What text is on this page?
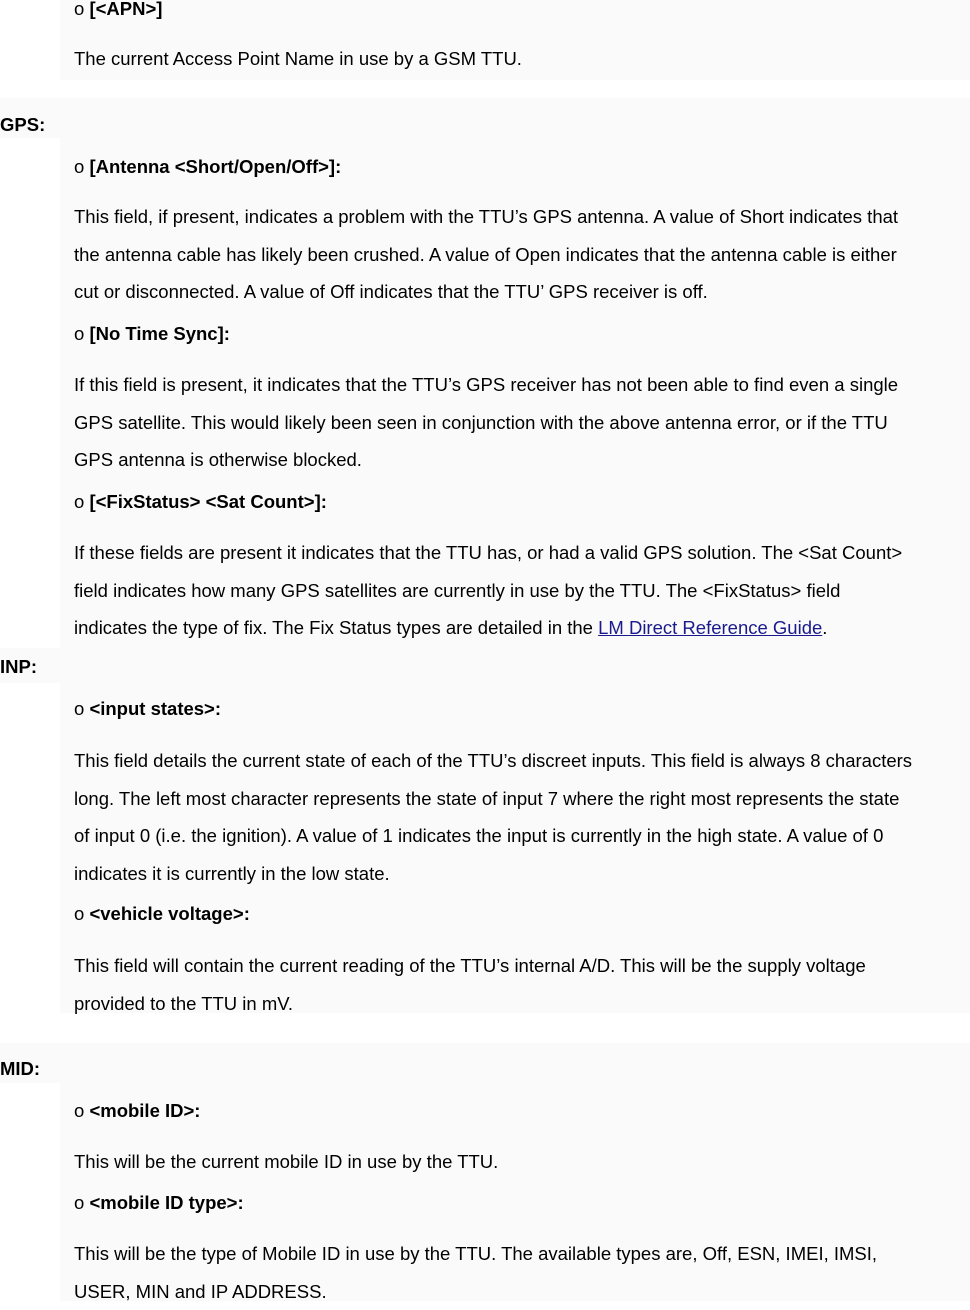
o [<APN>]
The current Access Point Name in use by a GSM TTU.
GPS:
o [Antenna <Short/Open/Off>]:
This field, if present, indicates a problem with the TTU’s GPS antenna. A value of Short indicates that
the antenna cable has likely been crushed. A value of Open indicates that the antenna cable is either
cut or disconnected. A value of Off indicates that the TTU’ GPS receiver is off.
o [No Time Sync]:
If this field is present, it indicates that the TTU’s GPS receiver has not been able to find even a single
GPS satellite. This would likely been seen in conjunction with the above antenna error, or if the TTU
GPS antenna is otherwise blocked.
o [<FixStatus> <Sat Count>]:
If these fields are present it indicates that the TTU has, or had a valid GPS solution. The <Sat Count>
field indicates how many GPS satellites are currently in use by the TTU. The <FixStatus> field
indicates the type of fix. The Fix Status types are detailed in the LM Direct Reference Guide.
INP:
o <input states>:
This field details the current state of each of the TTU’s discreet inputs. This field is always 8 characters
long. The left most character represents the state of input 7 where the right most represents the state
of input 0 (i.e. the ignition). A value of 1 indicates the input is currently in the high state. A value of 0
indicates it is currently in the low state.
o <vehicle voltage>:
This field will contain the current reading of the TTU’s internal A/D. This will be the supply voltage
provided to the TTU in mV.
MID:
o <mobile ID>:
This will be the current mobile ID in use by the TTU.
o <mobile ID type>:
This will be the type of Mobile ID in use by the TTU. The available types are, Off, ESN, IMEI, IMSI,
USER, MIN and IP ADDRESS.
